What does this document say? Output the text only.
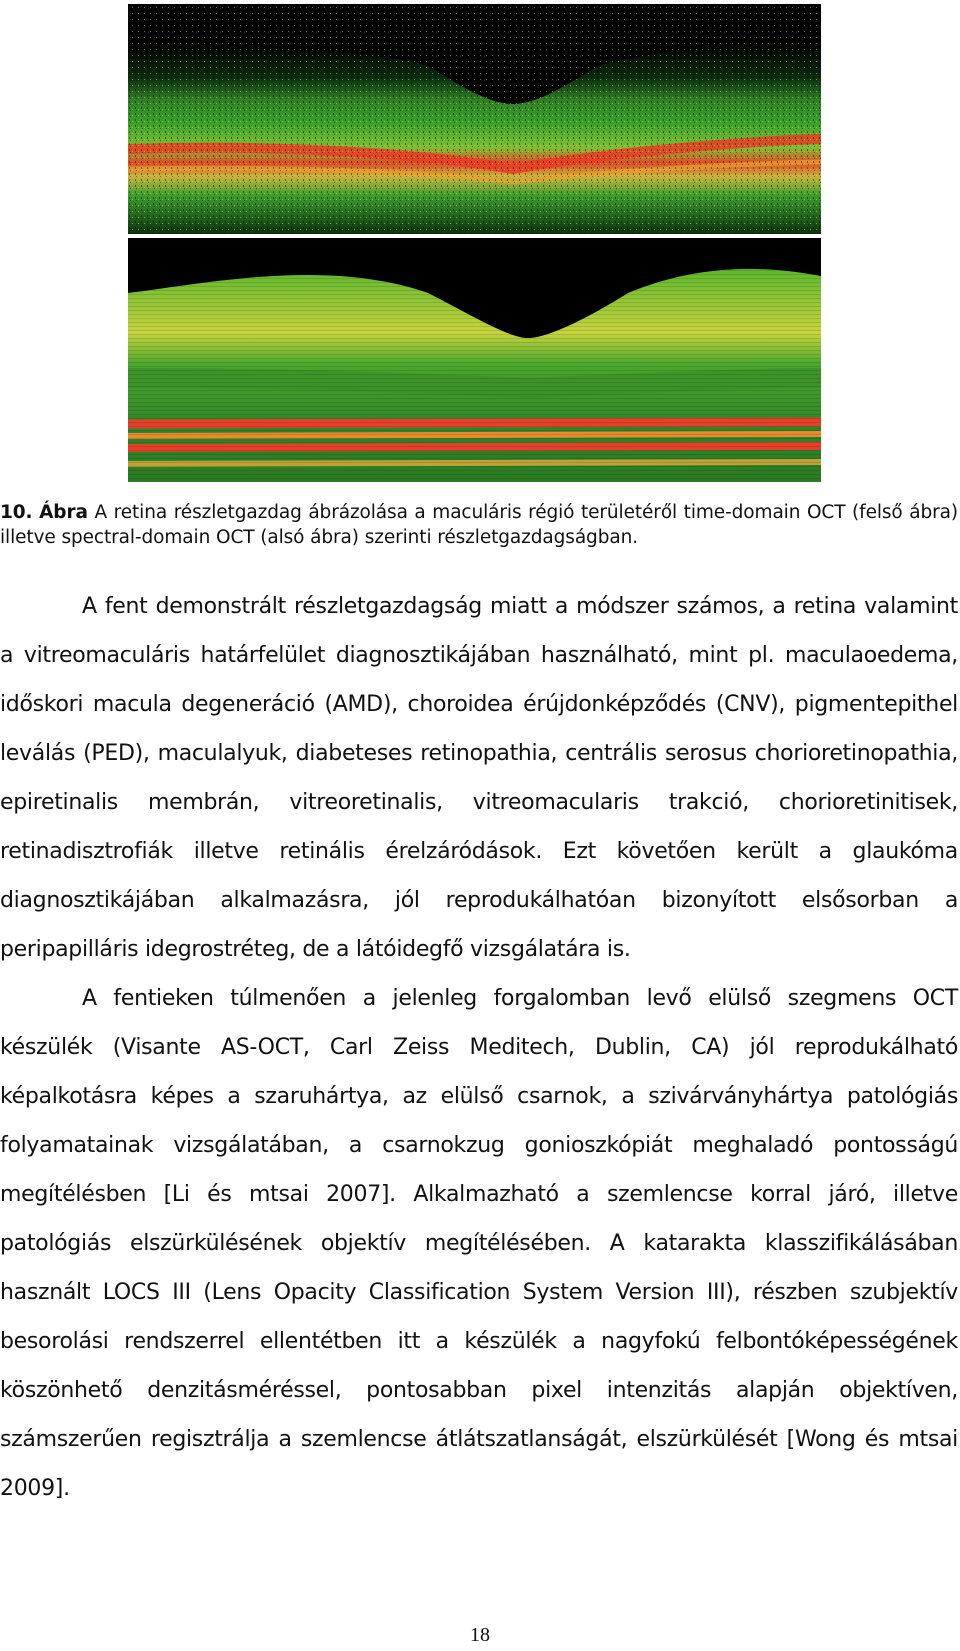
10. Ábra A retina részletgazdag ábrázolása a maculáris régió területéről time-domain OCT (felső ábra) illetve spectral-domain OCT (alsó ábra) szerinti részletgazdagságban.

A fent demonstrált részletgazdagság miatt a módszer számos, a retina valamint a vitreomaculáris határfelület diagnosztikájában használható, mint pl. maculaoedema, időskori macula degeneráció (AMD), choroidea érújdonképződés (CNV), pigmentepithel leválás (PED), maculalyuk, diabeteses retinopathia, centrális serosus chorioretinopathia, epiretinalis membrán, vitreoretinalis, vitreomacularis trakció, chorioretinitisek, retinadisztrofiák illetve retinális érelzáródások. Ezt követően került a glaukóma diagnosztikájában alkalmazásra, jól reprodukálhatóan bizonyított elsősorban a peripapilláris idegrostréteg, de a látóidegfő vizsgálatára is.

A fentieken túlmenően a jelenleg forgalomban levő elülső szegmens OCT készülék (Visante AS-OCT, Carl Zeiss Meditech, Dublin, CA) jól reprodukálható képalkotásra képes a szaruhártya, az elülső csarnok, a szivárványhártya patológiás folyamatainak vizsgálatában, a csarnokzug gonioszkópiát meghaladó pontosságú megítélésben [Li és mtsai 2007]. Alkalmazható a szemlencse korral járó, illetve patológiás elszürkülésének objektív megítélésében. A katarakta klasszifikálásában használt LOCS III (Lens Opacity Classification System Version III), részben szubjektív besorolási rendszerrel ellentétben itt a készülék a nagyfokú felbontóképességének köszönhető denzitásméréssel, pontosabban pixel intenzitás alapján objektíven, számszerűen regisztrálja a szemlencse átlátszatlanságát, elszürkülését [Wong és mtsai 2009].

18
